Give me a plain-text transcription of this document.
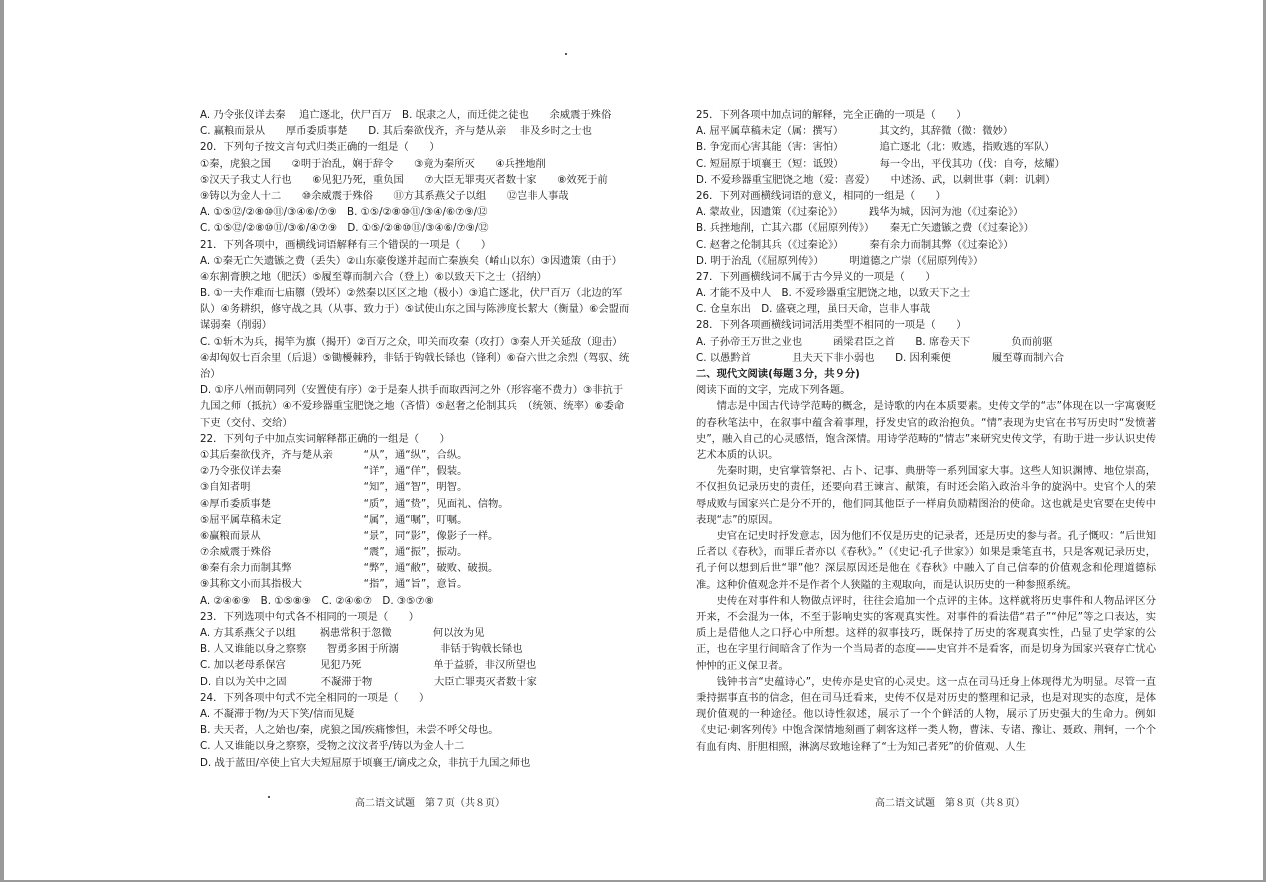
A. 乃令张仪详去秦　 追亡逐北，伏尸百万　B. 氓隶之人，而迁徙之徒也　　余威震于殊俗
C. 赢粮而景从　　厚币委质事楚　　D. 其后秦欲伐齐，齐与楚从亲　 非及乡时之士也
20．下列句子按文言句式归类正确的一组是（　　）
①秦，虎狼之国　　②明于治乱，娴于辞令　　③竟为秦所灭　　④兵挫地削
⑤汉天子我丈人行也　　⑥见犯乃死，重负国　　⑦大臣无罪夷灭者数十家　　⑧效死于前
⑨铸以为金人十二　　⑩余威震于殊俗　　⑪方其系燕父子以组　　⑫岂非人事哉
A. ①⑤⑫/②⑧⑩⑪/③④⑥/⑦⑨　B. ①⑤/②⑧⑩⑪/③④/⑥⑦⑨/⑫
C. ①⑤⑫/②⑧⑩⑪/③⑥/④⑦⑨　D. ①⑤/②⑧⑩⑪/③④⑥/⑦⑨/⑫
21．下列各项中，画横线词语解释有三个错误的一项是（　　）
A. ①秦无亡矢遗镞之费（丢失）②山东豪俊遂并起而亡秦族矣（崤山以东）③因遗策（由于）
④东割膏腴之地（肥沃）⑤履至尊而制六合（登上）⑥以致天下之士（招纳）
B. ①一夫作难而七庙隳（毁坏）②然秦以区区之地（极小）③追亡逐北，伏尸百万（北边的军
队）④务耕织，修守战之具（从事、致力于）⑤试使山东之国与陈涉度长絜大（衡量）⑥会盟而
谋弱秦（削弱）
C. ①斩木为兵，揭竿为旗（揭开）②百万之众，叩关而攻秦（攻打）③秦人开关延敌（迎击）
④却匈奴七百余里（后退）⑤锄櫌棘矜，非铦于钩戟长铩也（锋利）⑥奋六世之余烈（驾驭、统
治）
D. ①序八州而朝同列（安置使有序）②于是秦人拱手而取西河之外（形容毫不费力）③非抗于
九国之师（抵抗）④不爱珍器重宝肥饶之地（吝惜）⑤赵奢之伦制其兵　（统领、统率）⑥委命
下吏（交付、交给）
22．下列句子中加点实词解释都正确的一组是（　　）
①其后秦欲伐齐，齐与楚从亲　　　“从”，通“纵”，合纵。
②乃令张仪详去秦　　　　　　　　“详”，通“佯”，假装。
③自知者明　　　　　　　　　　　“知”，通“智”，明智。
④厚币委质事楚　　　　　　　　　“质”，通“贽”，见面礼、信物。
⑤屈平属草稿未定　　　　　　　　“属”，通“嘱”，叮嘱。
⑥赢粮而景从　　　　　　　　　　“景”，同“影”，像影子一样。
⑦余威震于殊俗　　　　　　　　　“震”，通“振”，振动。
⑧秦有余力而制其弊　　　　　　　“弊”，通“敝”，破败、破损。
⑨其称文小而其指极大　　　　　　“指”，通“旨”，意旨。
A. ②④⑥⑨　B. ①⑤⑧⑨　C. ②④⑥⑦　D. ③⑤⑦⑧
23．下列选项中句式各不相同的一项是（　　）
A. 方其系燕父子以组　　 祸患常积于忽微　　　　何以汝为见
B. 人又谁能以身之察察　　智勇多困于所溺　　　　非铦于钩戟长铩也
C. 加以老母系保宫　　　 见犯乃死　　　　　　　单于益骄，非汉所望也
D. 自以为关中之固　　　 不凝滞于物　　　　　　大臣亡罪夷灭者数十家
24．下列各项中句式不完全相同的一项是（　　）
A. 不凝滞于物/为天下笑/信而见疑
B. 夫天者，人之始也/秦，虎狼之国/疾痛惨怛，未尝不呼父母也。
C. 人又谁能以身之察察，受物之汶汶者乎/铸以为金人十二
D. 战于蓝田/卒使上官大夫短屈原于顷襄王/谪戍之众，非抗于九国之师也
25．下列各项中加点词的解释，完全正确的一项是（　　）
A. 屈平属草稿未定（属：撰写）　　　　其文约，其辞微（微：微妙）
B. 争宠而心害其能（害：害怕）　　　　追亡逐北（北：败逃，指败逃的军队）
C. 短屈原于顷襄王（短：诋毁）　　　　每一令出，平伐其功（伐：自夸，炫耀）
D. 不爱珍器重宝肥饶之地（爱：喜爱）　　中述汤、武，以刺世事（刺：讥刺）
26．下列对画横线词语的意义，相同的一组是（　　）
A. 蒙故业，因遗策（《过秦论》）　　　践华为城，因河为池（《过秦论》）
B. 兵挫地削，亡其六郡（《屈原列传》）　　秦无亡矢遗镞之费（《过秦论》）
C. 赵奢之伦制其兵（《过秦论》）　　　秦有余力而制其弊（《过秦论》）
D. 明于治乱（《屈原列传》）　　　明道德之广崇（《屈原列传》）
27．下列画横线词不属于古今异义的一项是（　　）
A. 才能不及中人　B. 不爱珍器重宝肥饶之地，以致天下之士
C. 仓皇东出　D. 盛衰之理，虽曰天命，岂非人事哉
28．下列各项画横线词词活用类型不相同的一项是（　　）
A. 子孙帝王万世之业也　　　函梁君臣之首　　B. 席卷天下　　　　负而前驱
C. 以愚黔首　　　　且夫天下非小弱也　　D. 因利乘便　　　　履至尊而制六合
二、现代文阅读(每题３分，共９分)
阅读下面的文字，完成下列各题。
情志是中国古代诗学范畴的概念，是诗歌的内在本质要素。史传文学的“志”体现在以一字寓褒贬的春秋笔法中，在叙事中蕴含着事理，抒发史官的政治抱负。“情”表现为史官在书写历史时“发愤著史”，融入自己的心灵感悟，饱含深情。用诗学范畴的“情志”来研究史传文学，有助于进一步认识史传艺术本质的认识。
先秦时期，史官掌管祭祀、占卜、记事、典册等一系列国家大事。这些人知识渊博、地位崇高，不仅担负记录历史的责任，还要向君王谏言、献策，有时还会陷入政治斗争的旋涡中。史官个人的荣辱成败与国家兴亡是分不开的，他们同其他臣子一样肩负励精图治的使命。这也就是史官要在史传中表现“志”的原因。
史官在记史时抒发意志，因为他们不仅是历史的记录者，还是历史的参与者。孔子慨叹：“后世知丘者以《春秋》，而罪丘者亦以《春秋》。”（《史记·孔子世家》）如果是秉笔直书，只是客观记录历史，孔子何以想到后世“罪”他？深层原因还是他在《春秋》中融入了自己信奉的价值观念和伦理道德标准。这种价值观念并不是作者个人狭隘的主观取向，而是认识历史的一种参照系统。
史传在对事件和人物做点评时，往往会追加一个点评的主体。这样就将历史事件和人物品评区分开来，不会混为一体，不至于影响史实的客观真实性。对事件的看法借“君子”“仲尼”等之口表达，实质上是借他人之口抒心中所想。这样的叙事技巧，既保持了历史的客观真实性，凸显了史学家的公正，也在字里行间暗含了作为一个当局者的态度——史官并不是看客，而是切身为国家兴衰存亡忧心忡忡的正义保卫者。
钱钟书言“史蕴诗心”，史传亦是史官的心灵史。这一点在司马迁身上体现得尤为明显。尽管一直秉持据事直书的信念，但在司马迁看来，史传不仅是对历史的整理和记录，也是对现实的态度，是体现价值观的一种途径。他以诗性叙述，展示了一个个鲜活的人物，展示了历史强大的生命力。例如《史记·刺客列传》中饱含深情地刻画了刺客这样一类人物，曹沫、专诸、豫让、聂政、荆轲，一个个有血有肉、肝胆相照，淋漓尽致地诠释了“士为知己者死”的价值观、人生
高二语文试题　第７页（共８页）	高二语文试题　第８页（共８页）
